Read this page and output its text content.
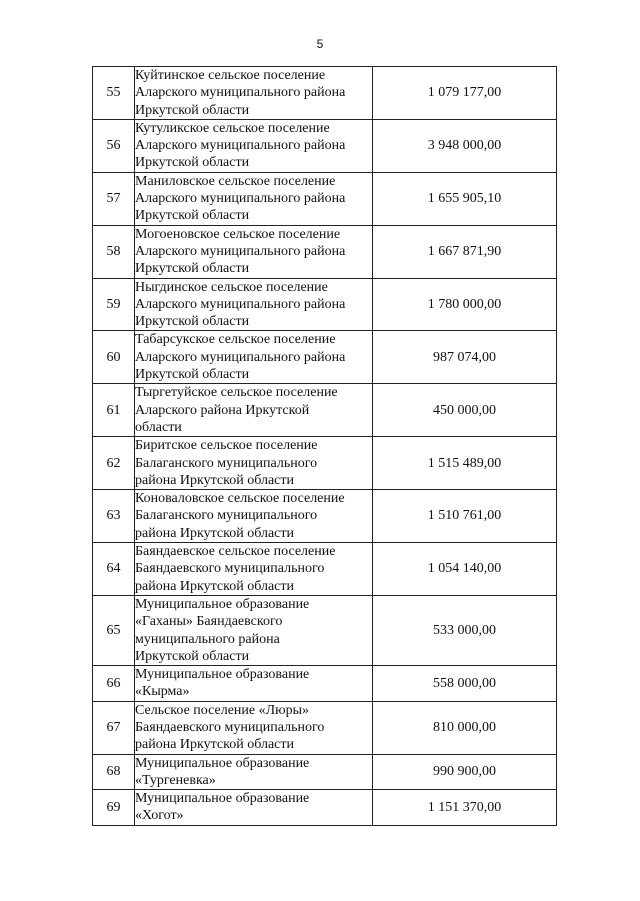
5
55	Куйтинское сельское поселение
Аларского муниципального района
Иркутской области	1 079 177,00
56	Кутуликское сельское поселение
Аларского муниципального района
Иркутской области	3 948 000,00
57	Маниловское сельское поселение
Аларского муниципального района
Иркутской области	1 655 905,10
58	Могоеновское сельское поселение
Аларского муниципального района
Иркутской области	1 667 871,90
59	Ныгдинское сельское поселение
Аларского муниципального района
Иркутской области	1 780 000,00
60	Табарсукское сельское поселение
Аларского муниципального района
Иркутской области	987 074,00
61	Тыргетуйское сельское поселение
Аларского района Иркутской
области	450 000,00
62	Биритское сельское поселение
Балаганского муниципального
района Иркутской области	1 515 489,00
63	Коноваловское сельское поселение
Балаганского муниципального
района Иркутской области	1 510 761,00
64	Баяндаевское сельское поселение
Баяндаевского муниципального
района Иркутской области	1 054 140,00
65	Муниципальное образование
«Гаханы» Баяндаевского
муниципального района
Иркутской области	533 000,00
66	Муниципальное образование
«Кырма»	558 000,00
67	Сельское поселение «Люры»
Баяндаевского муниципального
района Иркутской области	810 000,00
68	Муниципальное образование
«Тургеневка»	990 900,00
69	Муниципальное образование
«Хогот»	1 151 370,00
